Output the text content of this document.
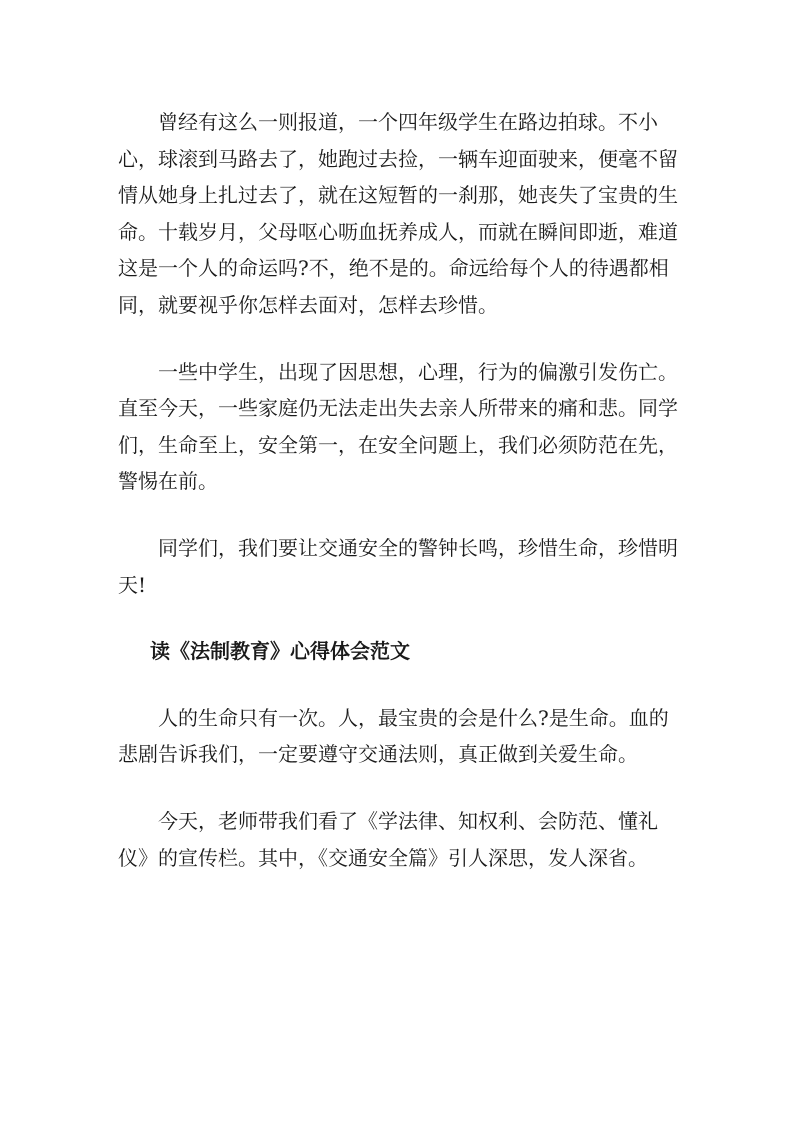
曾经有这么一则报道，一个四年级学生在路边拍球。不小心，球滚到马路去了，她跑过去捡，一辆车迎面驶来，便毫不留情从她身上扎过去了，就在这短暂的一刹那，她丧失了宝贵的生命。十载岁月，父母呕心呖血抚养成人，而就在瞬间即逝，难道这是一个人的命运吗?不，绝不是的。命远给每个人的待遇都相同，就要视乎你怎样去面对，怎样去珍惜。

一些中学生，出现了因思想，心理，行为的偏激引发伤亡。直至今天，一些家庭仍无法走出失去亲人所带来的痛和悲。同学们，生命至上，安全第一，在安全问题上，我们必须防范在先，警惕在前。

同学们，我们要让交通安全的警钟长鸣，珍惜生命，珍惜明天!

读《法制教育》心得体会范文

人的生命只有一次。人，最宝贵的会是什么?是生命。血的悲剧告诉我们，一定要遵守交通法则，真正做到关爱生命。

今天，老师带我们看了《学法律、知权利、会防范、懂礼仪》的宣传栏。其中，《交通安全篇》引人深思，发人深省。
